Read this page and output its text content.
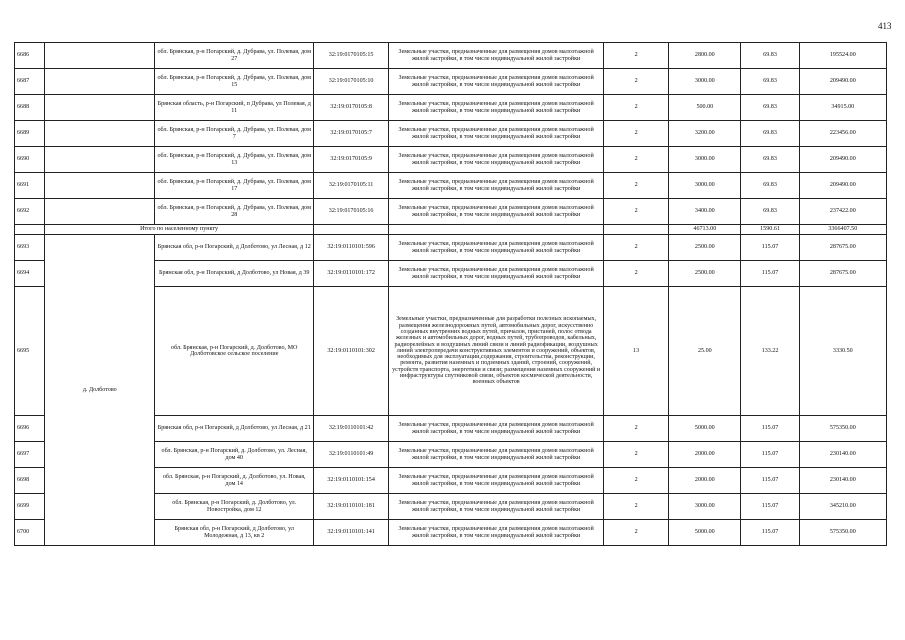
413
6686		обл. Брянская, р-н Погарский, д. Дубрава, ул. Полевая, дом 27	32:19:0170105:15	Земельные участки, предназначенные для размещения домов малоэтажной жилой застройки, в том числе индивидуальной жилой застройки	2	2800.00	69.83	195524.00
6687		обл. Брянская, р-н Погарский, д. Дубрава, ул. Полевая, дом 15	32:19:0170105:10	Земельные участки, предназначенные для размещения домов малоэтажной жилой застройки, в том числе индивидуальной жилой застройки	2	3000.00	69.83	209490.00
6688		Брянская область, р-н Погарский, п Дубрава, ул Полевая, д 11	32:19:0170105:8	Земельные участки, предназначенные для размещения домов малоэтажной жилой застройки, в том числе индивидуальной жилой застройки	2	500.00	69.83	34915.00
6689		обл. Брянская, р-н Погарский, д. Дубрава, ул. Полевая, дом 7	32:19:0170105:7	Земельные участки, предназначенные для размещения домов малоэтажной жилой застройки, в том числе индивидуальной жилой застройки	2	3200.00	69.83	223456.00
6690		обл. Брянская, р-н Погарский, д. Дубрава, ул. Полевая, дом 13	32:19:0170105:9	Земельные участки, предназначенные для размещения домов малоэтажной жилой застройки, в том числе индивидуальной жилой застройки	2	3000.00	69.83	209490.00
6691		обл. Брянская, р-н Погарский, д. Дубрава, ул. Полевая, дом 17	32:19:0170105:11	Земельные участки, предназначенные для размещения домов малоэтажной жилой застройки, в том числе индивидуальной жилой застройки	2	3000.00	69.83	209490.00
6692		обл. Брянская, р-н Погарский, д. Дубрава, ул. Полевая, дом 28	32:19:0170105:16	Земельные участки, предназначенные для размещения домов малоэтажной жилой застройки, в том числе индивидуальной жилой застройки	2	3400.00	69.83	237422.00
	Итого по населенному пункту					46713.00	1590.61	3366407.50
6693	д. Долботово	Брянская обл, р-н Погарский, д Долботово, ул Лесная, д 12	32:19:0110101:596	Земельные участки, предназначенные для размещения домов малоэтажной жилой застройки, в том числе индивидуальной жилой застройки	2	2500.00	115.07	287675.00
6694		Брянская обл, р-н Погарский, д Долботово, ул Новая, д 39	32:19:0110101:172	Земельные участки, предназначенные для размещения домов малоэтажной жилой застройки, в том числе индивидуальной жилой застройки	2	2500.00	115.07	287675.00
6695		обл. Брянская, р-н Погарский, д. Долботово, МО Долботовское сельское поселение	32:19:0110101:302	Земельные участки, предназначенные для разработки полезных ископаемых, размещения железнодорожных путей, автомобильных дорог, искусственно созданных внутренних водных путей, причалов, пристаней, полос отвода железных и автомобильных дорог, водных путей, трубопроводов, кабельных, радиорелейных и воздушных линий связи и линий радиофикации, воздушных линий электропередачи конструктивных элементов и сооружений, объектов, необходимых для эксплуатации,содержания, строительства, реконструкции, ремонта, развития наземных и подземных зданий, строений, сооружений, устройств транспорта, энергетики и связи; размещения наземных сооружений и инфраструктуры спутниковой связи, объектов космической деятельности, военных объектов	13	25.00	133.22	3330.50
6696		Брянская обл, р-н Погарский, д Долботово, ул Лесная, д 21	32:19:0110101:42	Земельные участки, предназначенные для размещения домов малоэтажной жилой застройки, в том числе индивидуальной жилой застройки	2	5000.00	115.07	575350.00
6697		обл. Брянская, р-н Погарский, д. Долботово, ул. Лесная, дом 40	32:19:0110101:49	Земельные участки, предназначенные для размещения домов малоэтажной жилой застройки, в том числе индивидуальной жилой застройки	2	2000.00	115.07	230140.00
6698		обл. Брянская, р-н Погарский, д. Долботово, ул. Новая, дом 14	32:19:0110101:154	Земельные участки, предназначенные для размещения домов малоэтажной жилой застройки, в том числе индивидуальной жилой застройки	2	2000.00	115.07	230140.00
6699		обл. Брянская, р-н Погарский, д. Долботово, ул. Новостройка, дом 12	32:19:0110101:181	Земельные участки, предназначенные для размещения домов малоэтажной жилой застройки, в том числе индивидуальной жилой застройки	2	3000.00	115.07	345210.00
6700		Брянская обл, р-н Погарский, д Долботово, ул Молодежная, д 13, кв 2	32:19:0110101:141	Земельные участки, предназначенные для размещения домов малоэтажной жилой застройки, в том числе индивидуальной жилой застройки	2	5000.00	115.07	575350.00
